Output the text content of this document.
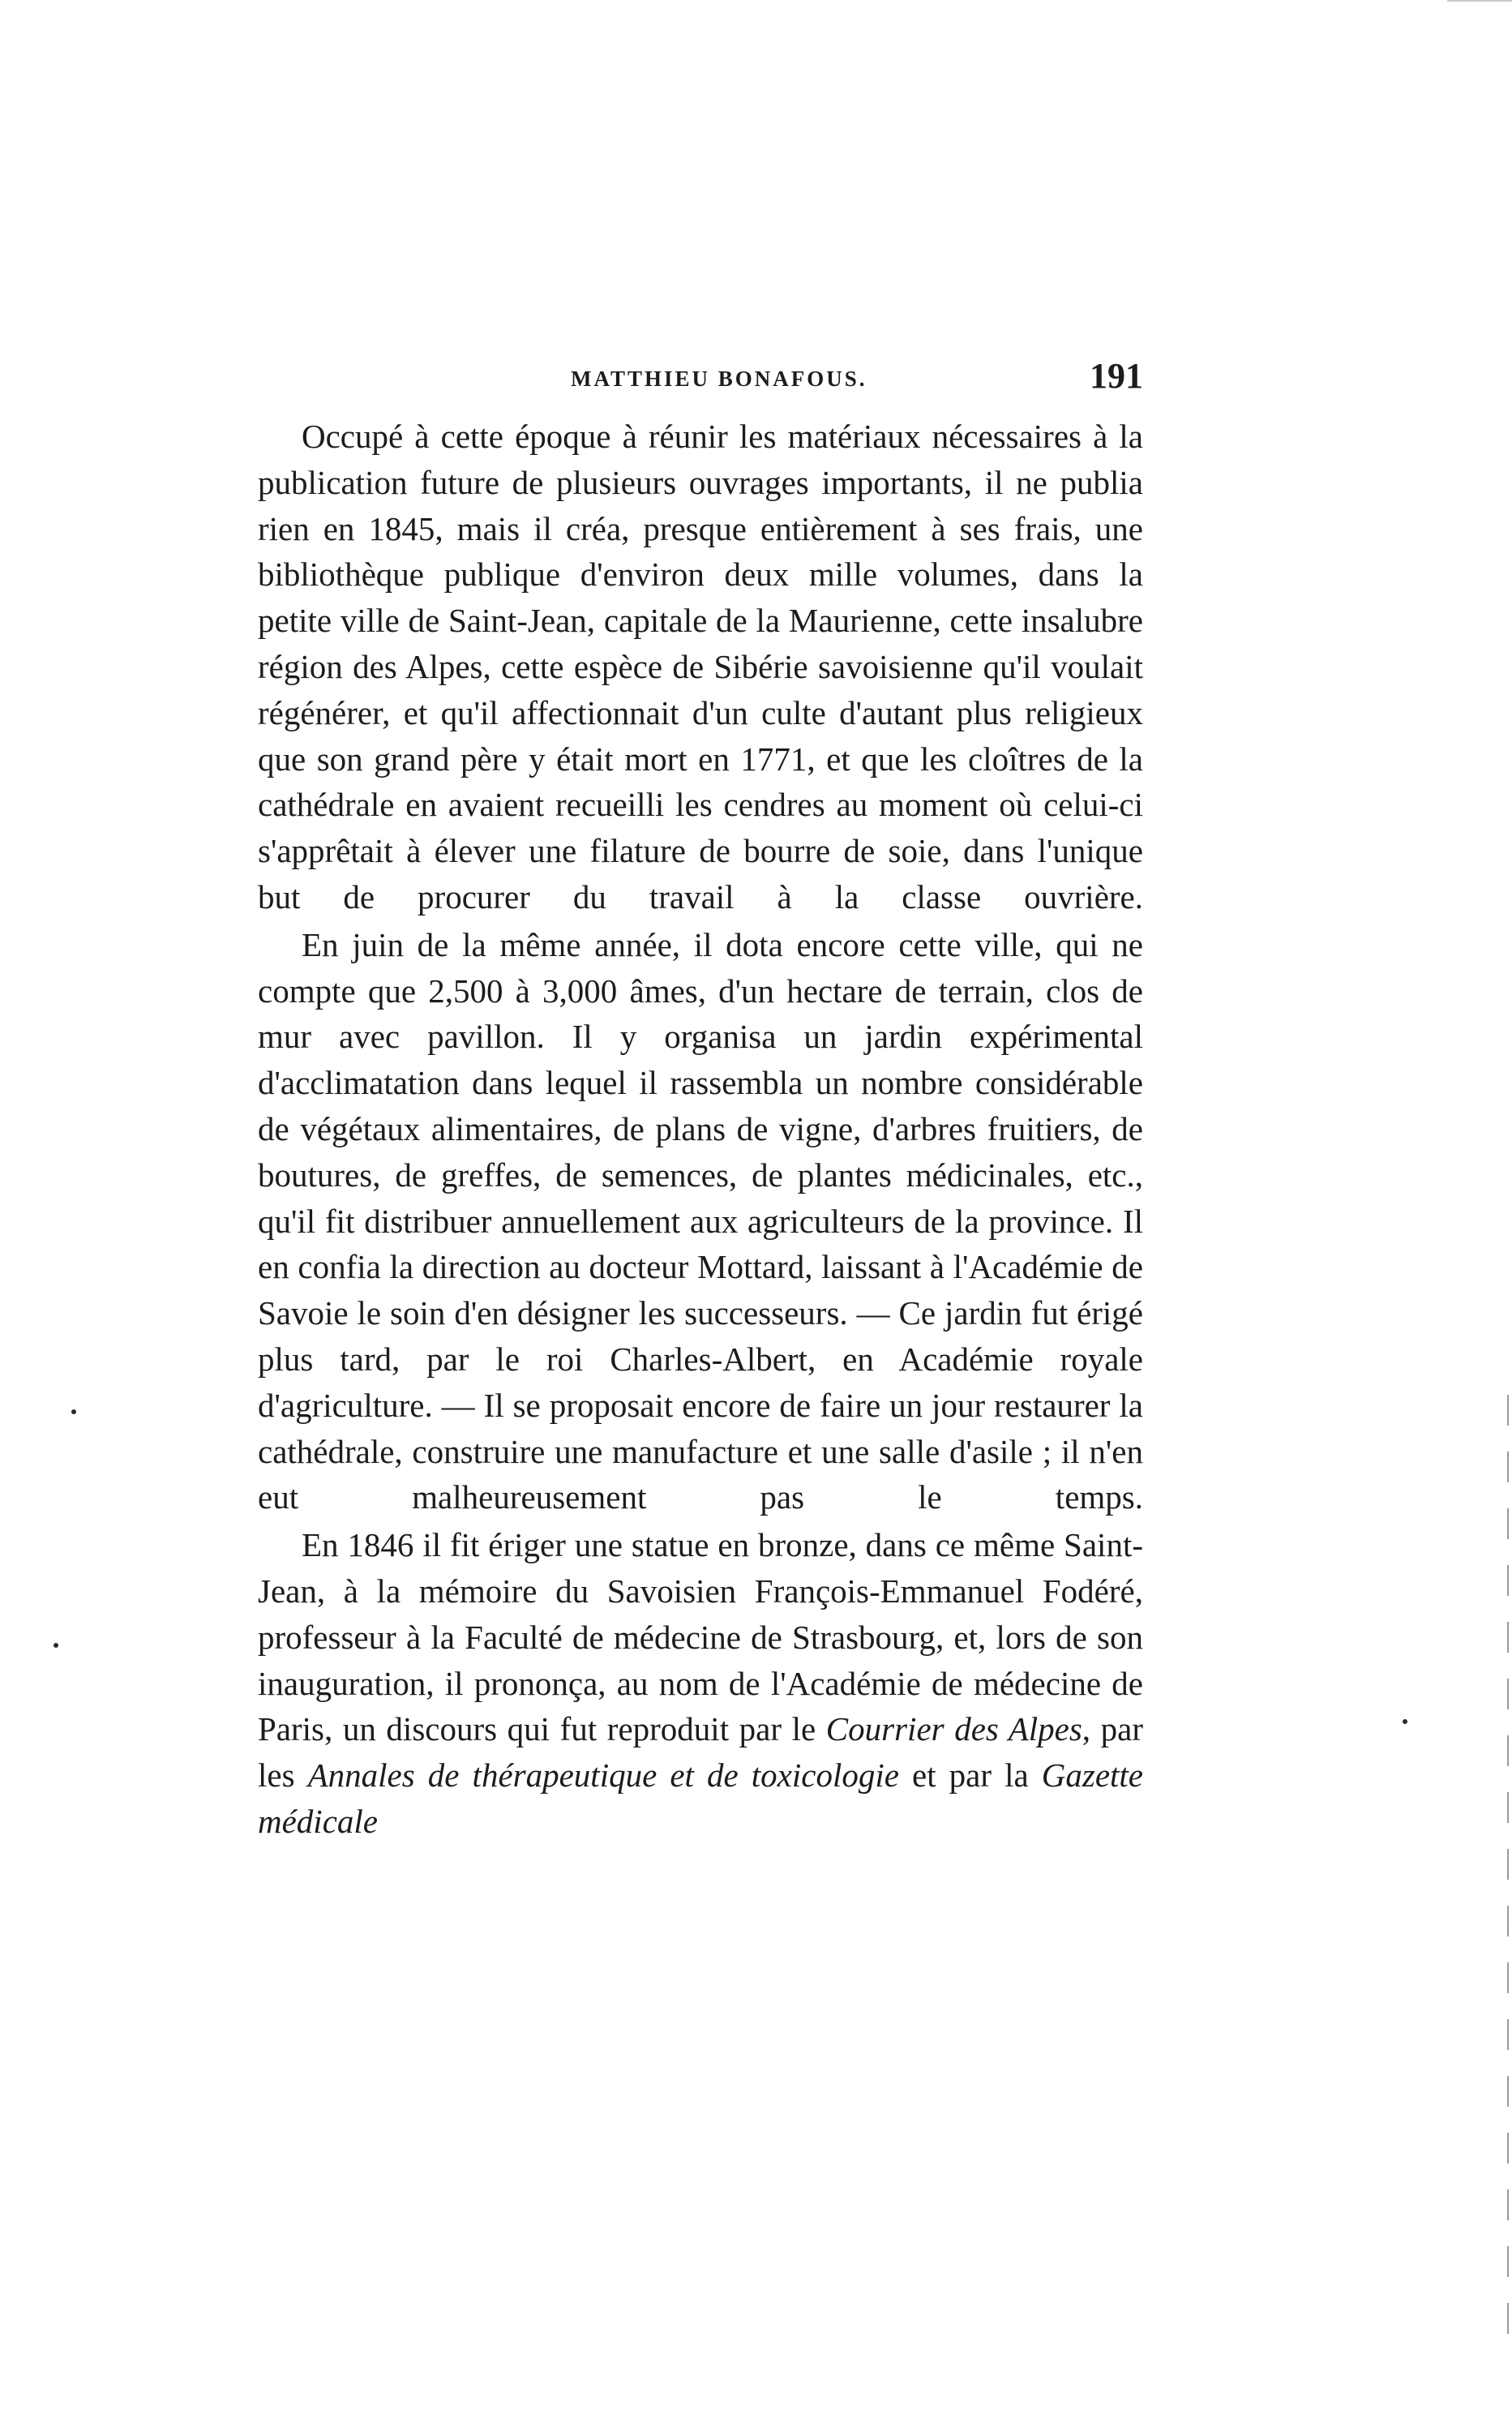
MATTHIEU BONAFOUS.	191

Occupé à cette époque à réunir les matériaux nécessaires à la publication future de plusieurs ouvrages importants, il ne publia rien en 1845, mais il créa, presque entièrement à ses frais, une bibliothèque publique d'environ deux mille volumes, dans la petite ville de Saint-Jean, capitale de la Maurienne, cette insalubre région des Alpes, cette espèce de Sibérie savoisienne qu'il voulait régénérer, et qu'il affectionnait d'un culte d'autant plus religieux que son grand père y était mort en 1771, et que les cloîtres de la cathédrale en avaient recueilli les cendres au moment où celui-ci s'apprêtait à élever une filature de bourre de soie, dans l'unique but de procurer du travail à la classe ouvrière.

En juin de la même année, il dota encore cette ville, qui ne compte que 2,500 à 3,000 âmes, d'un hectare de terrain, clos de mur avec pavillon. Il y organisa un jardin expérimental d'acclimatation dans lequel il rassembla un nombre considérable de végétaux alimentaires, de plans de vigne, d'arbres fruitiers, de boutures, de greffes, de semences, de plantes médicinales, etc., qu'il fit distribuer annuellement aux agriculteurs de la province. Il en confia la direction au docteur Mottard, laissant à l'Académie de Savoie le soin d'en désigner les successeurs. — Ce jardin fut érigé plus tard, par le roi Charles-Albert, en Académie royale d'agriculture. — Il se proposait encore de faire un jour restaurer la cathédrale, construire une manufacture et une salle d'asile ; il n'en eut malheureusement pas le temps.

En 1846 il fit ériger une statue en bronze, dans ce même Saint-Jean, à la mémoire du Savoisien François-Emmanuel Fodéré, professeur à la Faculté de médecine de Strasbourg, et, lors de son inauguration, il prononça, au nom de l'Académie de médecine de Paris, un discours qui fut reproduit par le Courrier des Alpes, par les Annales de thérapeutique et de toxicologie et par la Gazette médicale
